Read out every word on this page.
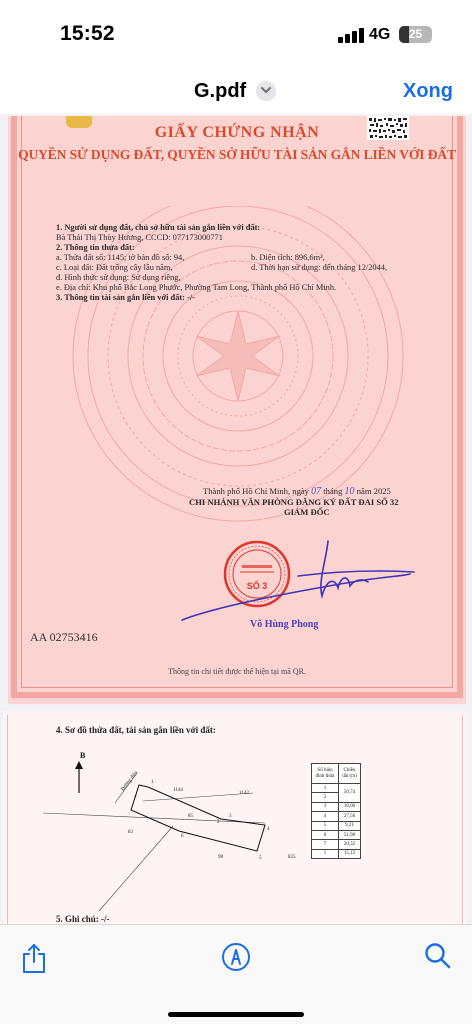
15:52	4G	25
G.pdf	Xong
GIẤY CHỨNG NHẬN
QUYỀN SỬ DỤNG ĐẤT, QUYỀN SỞ HỮU TÀI SẢN GẮN LIỀN VỚI ĐẤT
1. Người sử dụng đất, chủ sở hữu tài sản gắn liền với đất:
Bà Thái Thị Thùy Hương, CCCD: 077173000771
2. Thông tin thửa đất:
a. Thửa đất số: 1145; tờ bản đồ số: 94,	b. Diện tích: 896,6m²,
c. Loại đất: Đất trồng cây lâu năm,	d. Thời hạn sử dụng: đến tháng 12/2044,
đ. Hình thức sử dụng: Sử dụng riêng,
e. Địa chỉ: Khu phố Bắc Long Phước, Phường Tam Long, Thành phố Hồ Chí Minh.
3. Thông tin tài sản gắn liền với đất: -/-
Thành phố Hồ Chí Minh, ngày 07 tháng 10 năm 2025
CHI NHÁNH VĂN PHÒNG ĐĂNG KÝ ĐẤT ĐAI SỐ 32
GIÁM ĐỐC
SỐ 3
Võ Hùng Phong
AA 02753416
Thông tin chi tiết được thể hiện tại mã QR.
4. Sơ đồ thửa đất, tài sản gắn liền với đất:
B
Đường điện	1144
1143
83
98	825
85
7
1
2
3
4
5
6
Số hiệu đỉnh thửa	Chiều dài (m)
1	50,74
2	
3	10,00
4	27,56
5	9,21
6	51,98
7	20,32
1	15,12
5. Ghi chú: -/-
